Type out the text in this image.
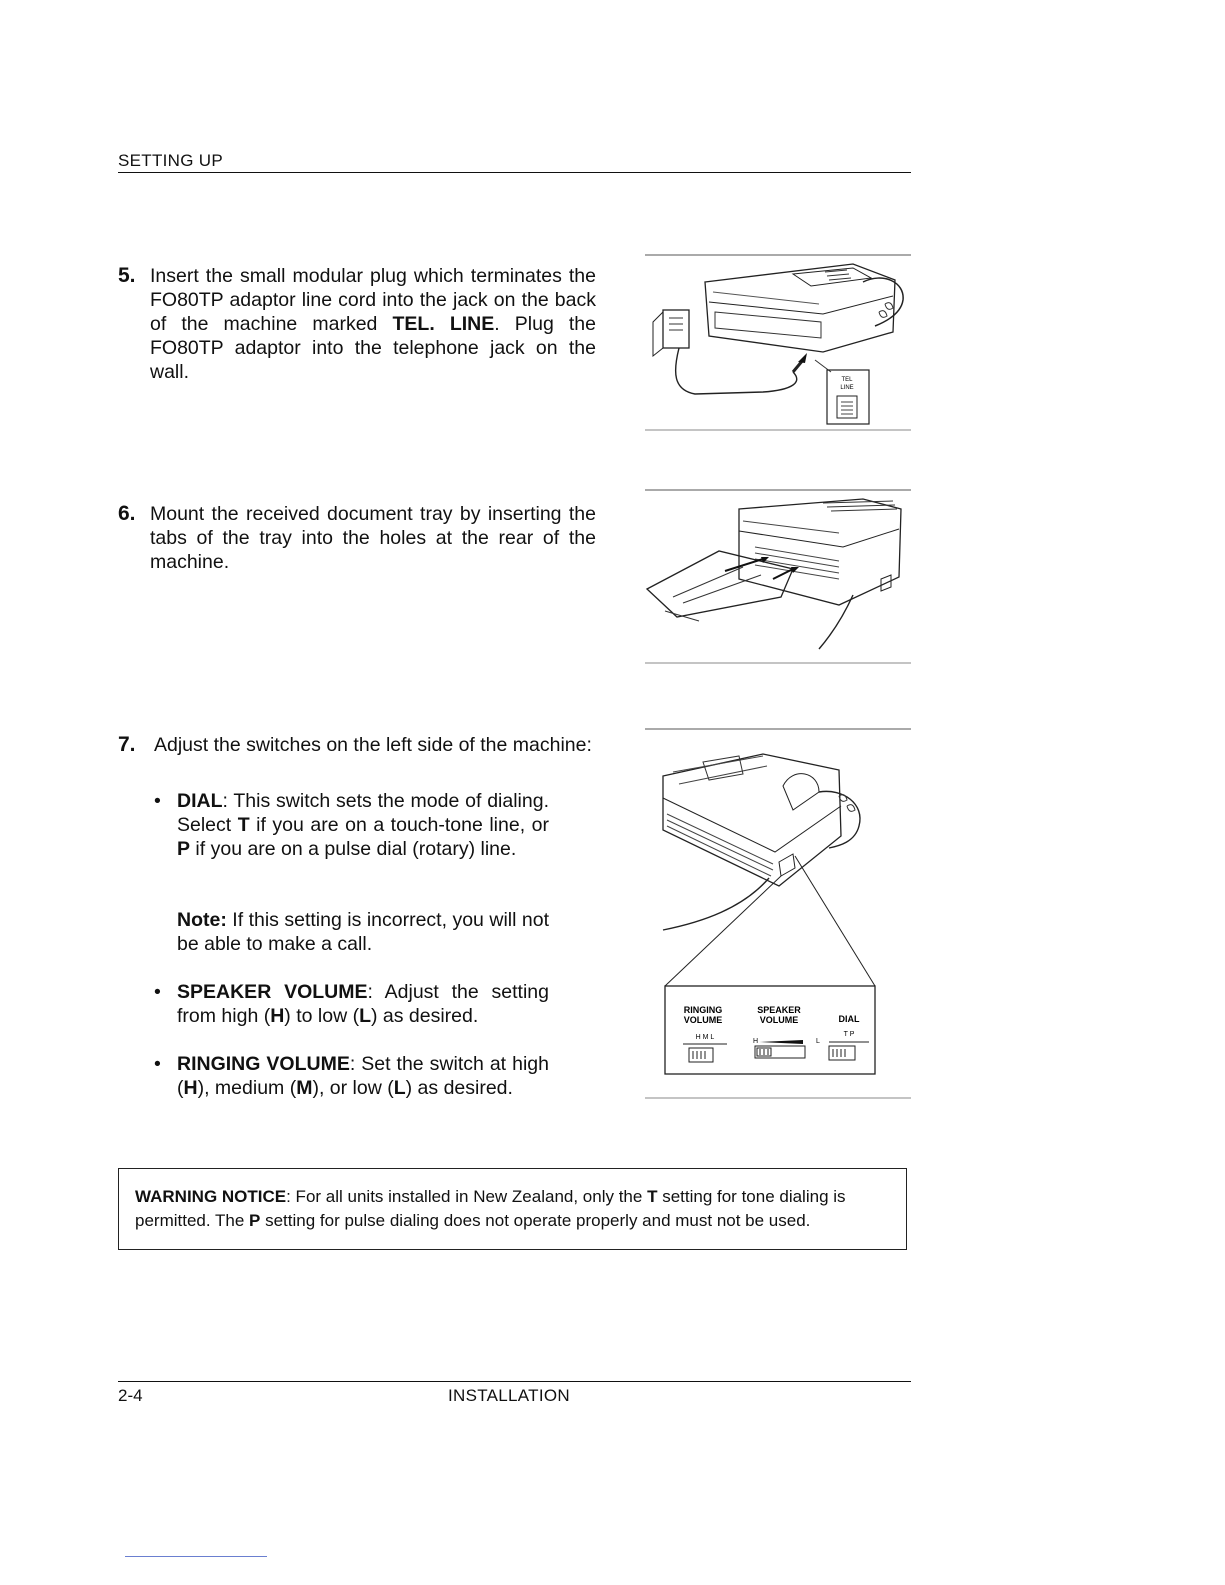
SETTING UP
5. Insert the small modular plug which terminates the FO80TP adaptor line cord into the jack on the back of the machine marked TEL. LINE. Plug the FO80TP adaptor into the telephone jack on the wall.	TEL
LINE
6. Mount the received document tray by inserting the tabs of the tray into the holes at the rear of the machine.
7. Adjust the switches on the left side of the machine:
• DIAL: This switch sets the mode of dialing. Select T if you are on a touch-tone line, or P if you are on a pulse dial (rotary) line.
Note: If this setting is incorrect, you will not be able to make a call.
• SPEAKER VOLUME: Adjust the setting from high (H) to low (L) as desired.
• RINGING VOLUME: Set the switch at high (H), medium (M), or low (L) as desired.
RINGING
VOLUME
H M L
SPEAKER
VOLUME
H	L
DIAL
T P
WARNING NOTICE: For all units installed in New Zealand, only the T setting for tone dialing is permitted. The P setting for pulse dialing does not operate properly and must not be used.
2-4	INSTALLATION
